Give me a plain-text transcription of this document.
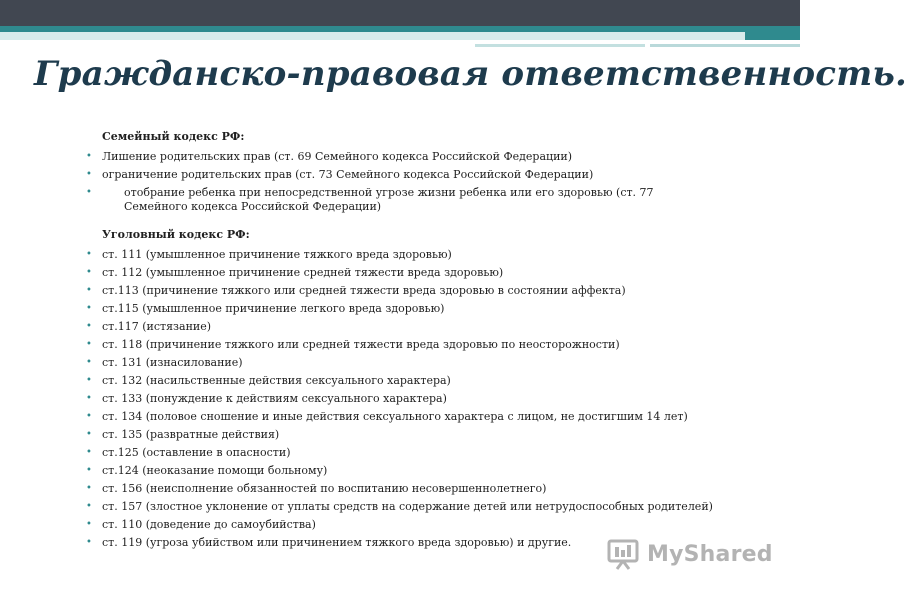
Гражданско-правовая ответственность.
Семейный кодекс РФ:
• Лишение родительских прав (ст. 69 Семейного кодекса Российской Федерации)
• ограничение родительских прав (ст. 73 Семейного кодекса Российской Федерации)
•	отобрание ребенка при непосредственной угрозе жизни ребенка или его здоровью (ст. 77 Семейного кодекса Российской Федерации)
Уголовный кодекс РФ:
• ст. 111 (умышленное причинение тяжкого вреда здоровью)
• ст. 112 (умышленное причинение средней тяжести вреда здоровью)
• ст.113 (причинение тяжкого или средней тяжести вреда здоровью в состоянии аффекта)
• ст.115 (умышленное причинение легкого вреда здоровью)
• ст.117 (истязание)
• ст. 118 (причинение тяжкого или средней тяжести вреда здоровью по неосторожности)
• ст. 131 (изнасилование)
• ст. 132 (насильственные действия сексуального характера)
• ст. 133 (понуждение к действиям сексуального характера)
• ст. 134 (половое сношение и иные действия сексуального характера с лицом, не достигшим 14 лет)
• ст. 135 (развратные действия)
• ст.125 (оставление в опасности)
• ст.124 (неоказание помощи больному)
• ст. 156 (неисполнение обязанностей по воспитанию несовершеннолетнего)
• ст. 157 (злостное уклонение от уплаты средств на содержание детей или нетрудоспособных родителей)
• ст. 110 (доведение до самоубийства)
• ст. 119 (угроза убийством или причинением тяжкого вреда здоровью) и другие.	MyShared
